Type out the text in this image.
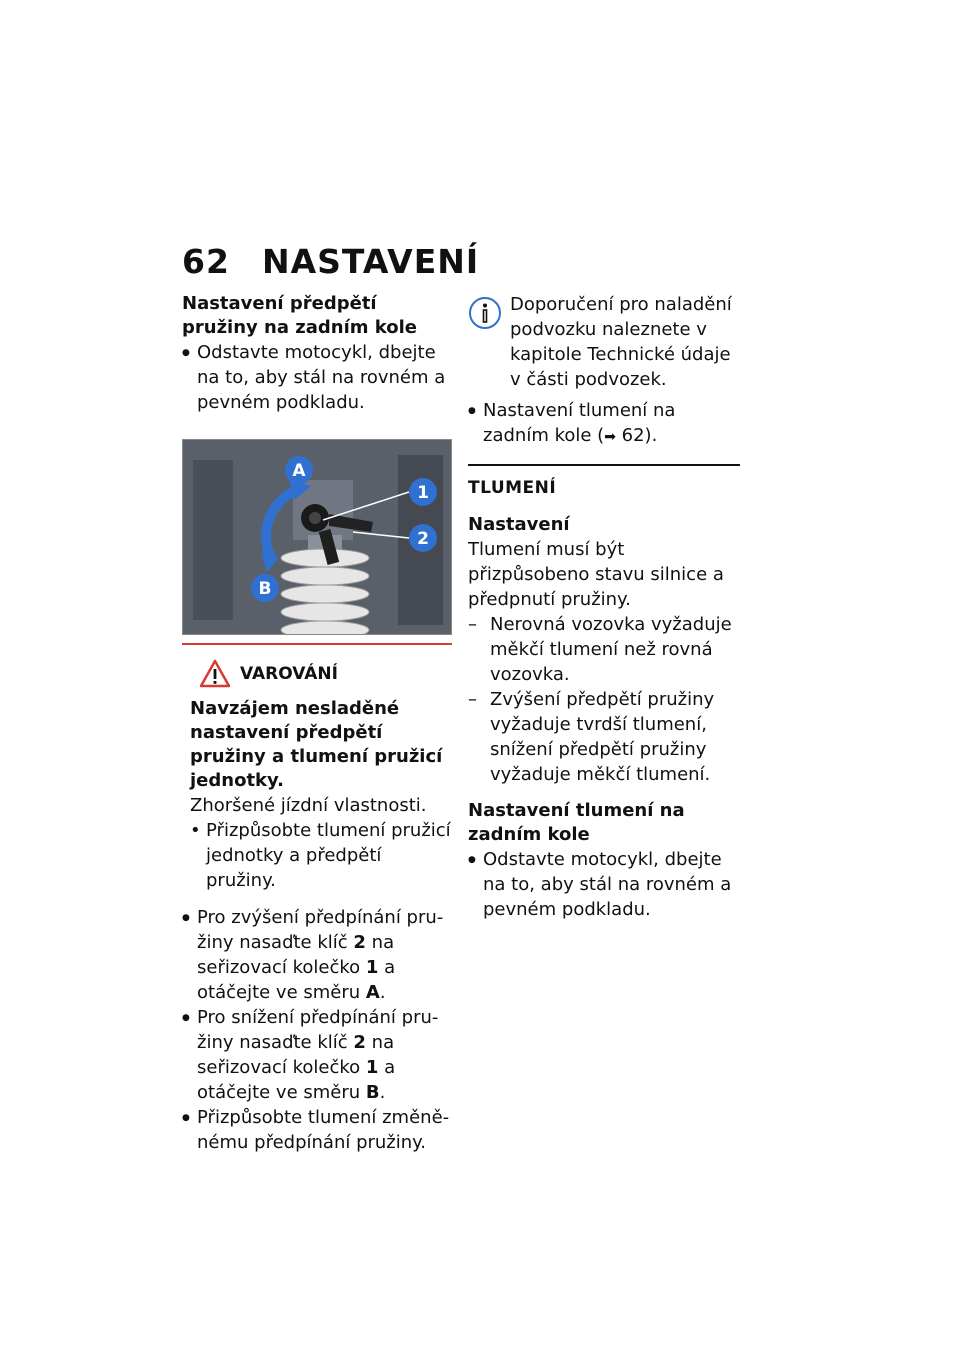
62 NASTAVENÍ

Nastavení předpětí pružiny na zadním kole

●
Odstavte motocykl, dbejte na to, aby stál na rovném a pevném podkladu.

A
B
1
2
VAROVÁNÍ

Navzájem nesladěné nastavení předpětí pružiny a tlumení pružicí jednotky.

Zhoršené jízdní vlastnosti.

• Přizpůsobte tlumení pružicí jednotky a předpětí pružiny.

●
Pro zvýšení předpínání pružiny nasaďte klíč 2 na seřizovací kolečko 1 a otáčejte ve směru A.

●
Pro snížení předpínání pružiny nasaďte klíč 2 na seřizovací kolečko 1 a otáčejte ve směru B.

●
Přizpůsobte tlumení změněnému předpínání pružiny.

Doporučení pro naladění podvozku naleznete v kapitole Technické údaje v části podvozek.

●
Nastavení tlumení na zadním kole (➡ 62).

TLUMENÍ

Nastavení

Tlumení musí být přizpůsobeno stavu silnice a předpnutí pružiny.

– Nerovná vozovka vyžaduje měkčí tlumení než rovná vozovka.

– Zvýšení předpětí pružiny vyžaduje tvrdší tlumení, snížení předpětí pružiny vyžaduje měkčí tlumení.

Nastavení tlumení na zadním kole

●
Odstavte motocykl, dbejte na to, aby stál na rovném a pevném podkladu.
